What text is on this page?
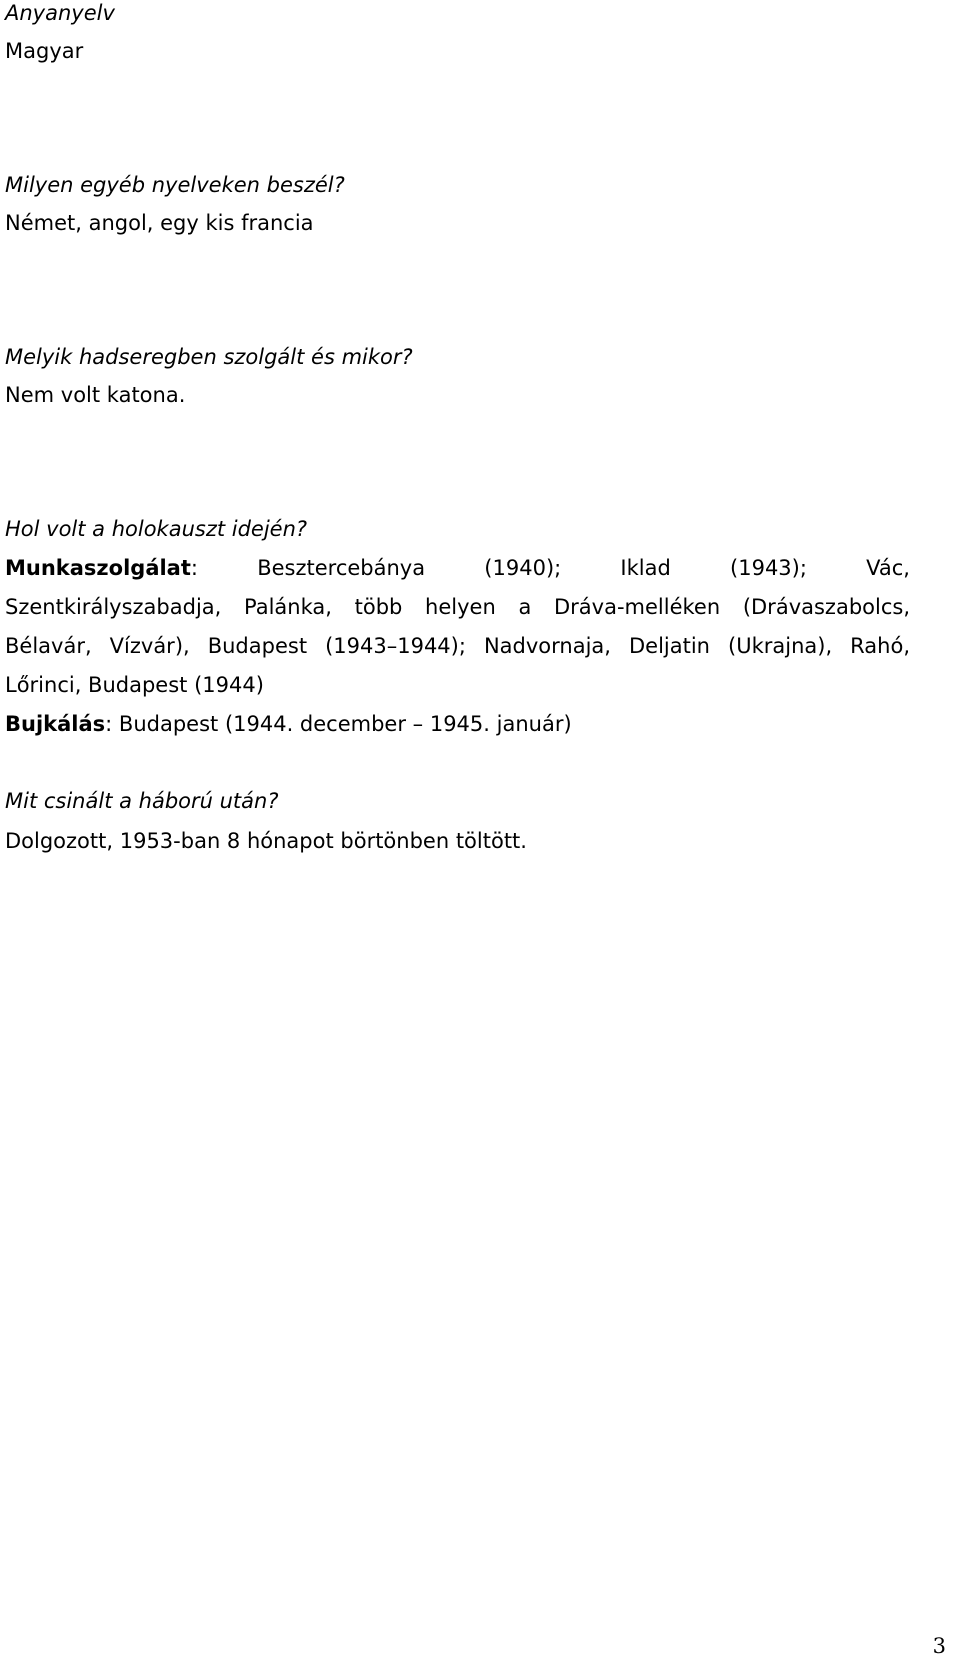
Anyanyelv
Magyar
Milyen egyéb nyelveken beszél?
Német, angol, egy kis francia
Melyik hadseregben szolgált és mikor?
Nem volt katona.
Hol volt a holokauszt idején?
Munkaszolgálat: Besztercebánya (1940); Iklad (1943); Vác,
Szentkirályszabadja, Palánka, több helyen a Dráva-melléken (Drávaszabolcs,
Bélavár, Vízvár), Budapest (1943–1944); Nadvornaja, Deljatin (Ukrajna), Rahó,
Lőrinci, Budapest (1944)
Bujkálás: Budapest (1944. december – 1945. január)
Mit csinált a háború után?
Dolgozott, 1953-ban 8 hónapot börtönben töltött.
3
